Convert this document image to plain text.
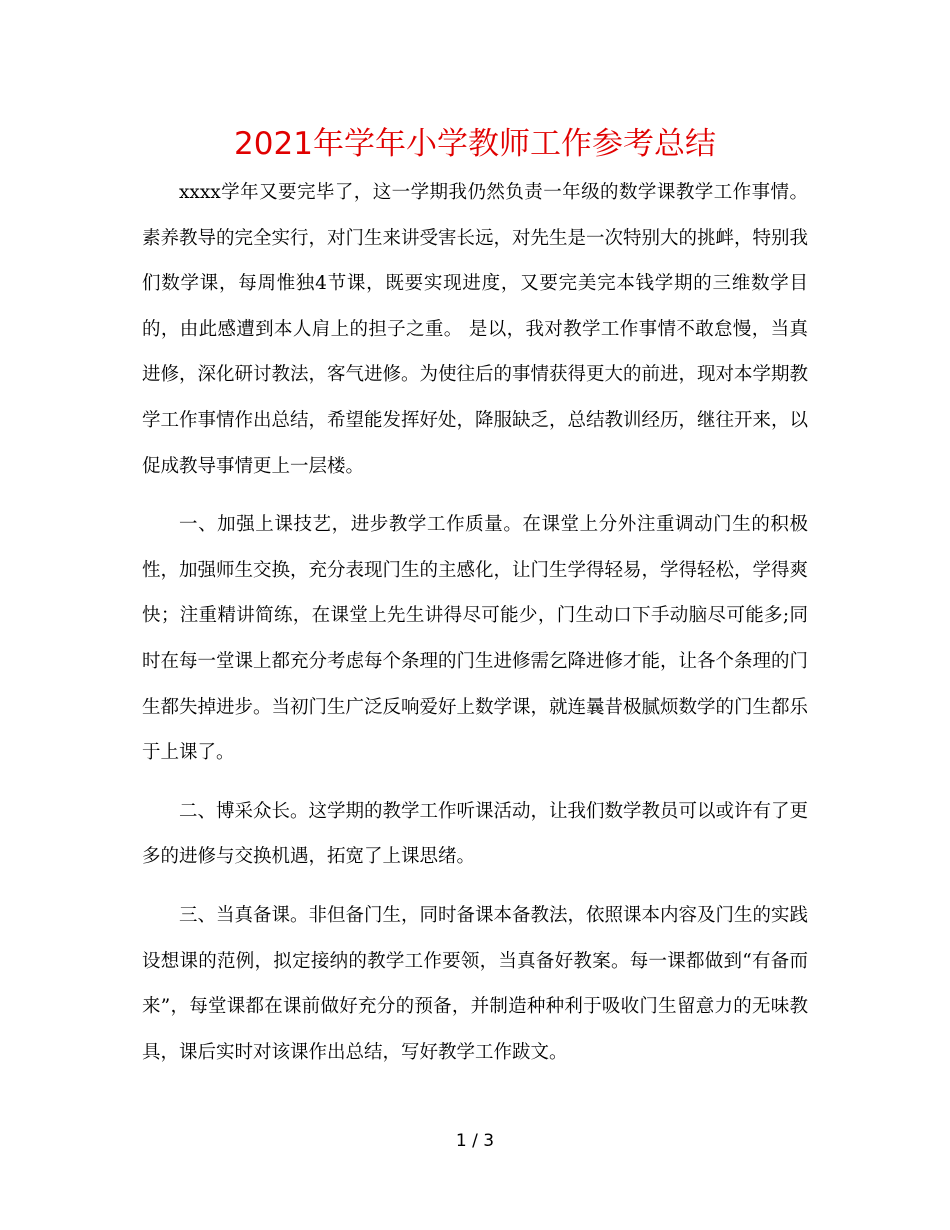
2021年学年小学教师工作参考总结

xxxx学年又要完毕了，这一学期我仍然负责一年级的数学课教学工作事情。素养教导的完全实行，对门生来讲受害长远，对先生是一次特别大的挑衅，特别我们数学课，每周惟独4节课，既要实现进度，又要完美完本钱学期的三维数学目的，由此感遭到本人肩上的担子之重。 是以，我对教学工作事情不敢怠慢，当真进修，深化研讨教法，客气进修。为使往后的事情获得更大的前进，现对本学期教学工作事情作出总结，希望能发挥好处，降服缺乏，总结教训经历，继往开来，以促成教导事情更上一层楼。

一、加强上课技艺，进步教学工作质量。在课堂上分外注重调动门生的积极性，加强师生交换，充分表现门生的主感化，让门生学得轻易，学得轻松，学得爽快；注重精讲简练，在课堂上先生讲得尽可能少，门生动口下手动脑尽可能多;同时在每一堂课上都充分考虑每个条理的门生进修需乞降进修才能，让各个条理的门生都失掉进步。当初门生广泛反响爱好上数学课，就连曩昔极腻烦数学的门生都乐于上课了。

二、博采众长。这学期的教学工作听课活动，让我们数学教员可以或许有了更多的进修与交换机遇，拓宽了上课思绪。

三、当真备课。非但备门生，同时备课本备教法，依照课本内容及门生的实践设想课的范例，拟定接纳的教学工作要领，当真备好教案。每一课都做到“有备而来”，每堂课都在课前做好充分的预备，并制造种种利于吸收门生留意力的无味教具，课后实时对该课作出总结，写好教学工作跋文。

1 / 3
